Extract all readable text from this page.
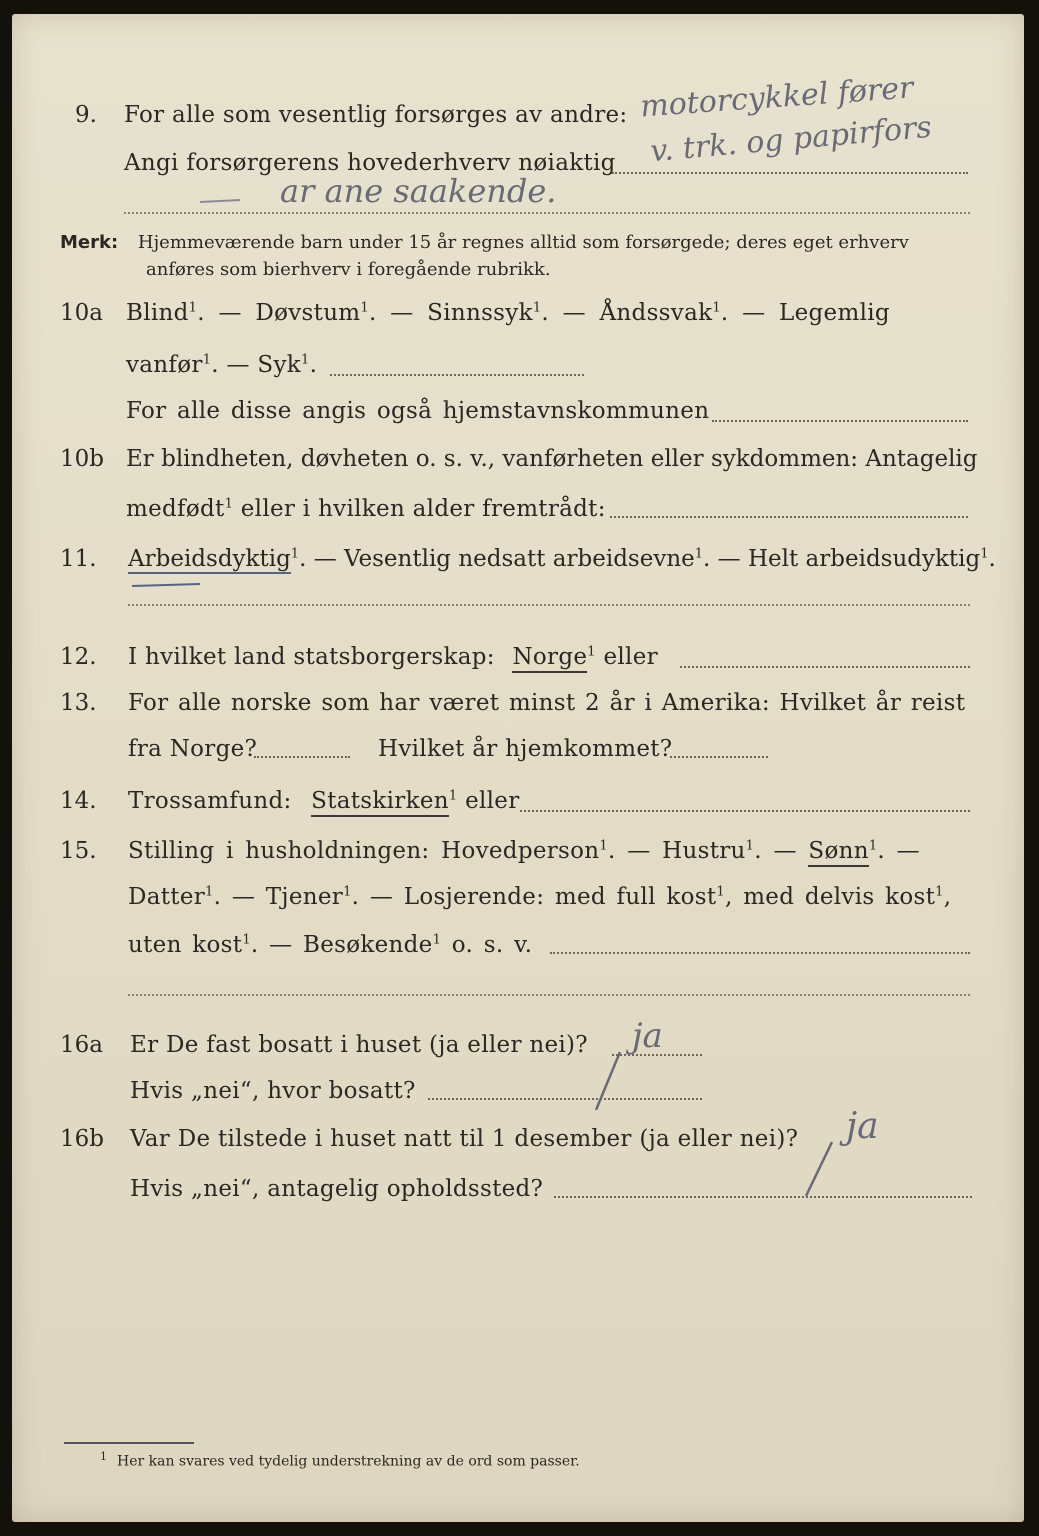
9. For alle som vesentlig forsørges av andre: motorcykkel fører
Angi forsørgerens hovederhverv nøiaktig v. trk. og papirfors
ar ane saakende.
Merk: Hjemmeværende barn under 15 år regnes alltid som forsørgede; deres eget erhverv
anføres som bierhverv i foregående rubrikk.
10a Blind$^1$. — Døvstum$^1$. — Sinnssyk$^1$. — Åndssvak$^1$. — Legemlig
vanfør$^1$. — Syk$^1$.
For alle disse angis også hjemstavnskommunen
10b Er blindheten, døvheten o. s. v., vanførheten eller sykdommen: Antagelig
medfødt$^1$ eller i hvilken alder fremtrådt:
11. Arbeidsdyktig$^1$. — Vesentlig nedsatt arbeidsevne$^1$. — Helt arbeidsudyktig$^1$.
12. I hvilket land statsborgerskap: Norge$^1$ eller
13. For alle norske som har været minst 2 år i Amerika: Hvilket år reist
fra Norge?	Hvilket år hjemkommet?
14. Trossamfund: Statskirken$^1$ eller
15. Stilling i husholdningen: Hovedperson$^1$. — Hustru$^1$. — Sønn$^1$. —
Datter$^1$. — Tjener$^1$. — Losjerende: med full kost$^1$, med delvis kost$^1$,
uten kost$^1$. — Besøkende$^1$ o. s. v.
16a Er De fast bosatt i huset (ja eller nei)? ja
Hvis „nei“, hvor bosatt?
16b Var De tilstede i huset natt til 1 desember (ja eller nei)? ja
Hvis „nei“, antagelig opholdssted?
$^1$ Her kan svares ved tydelig understrekning av de ord som passer.
